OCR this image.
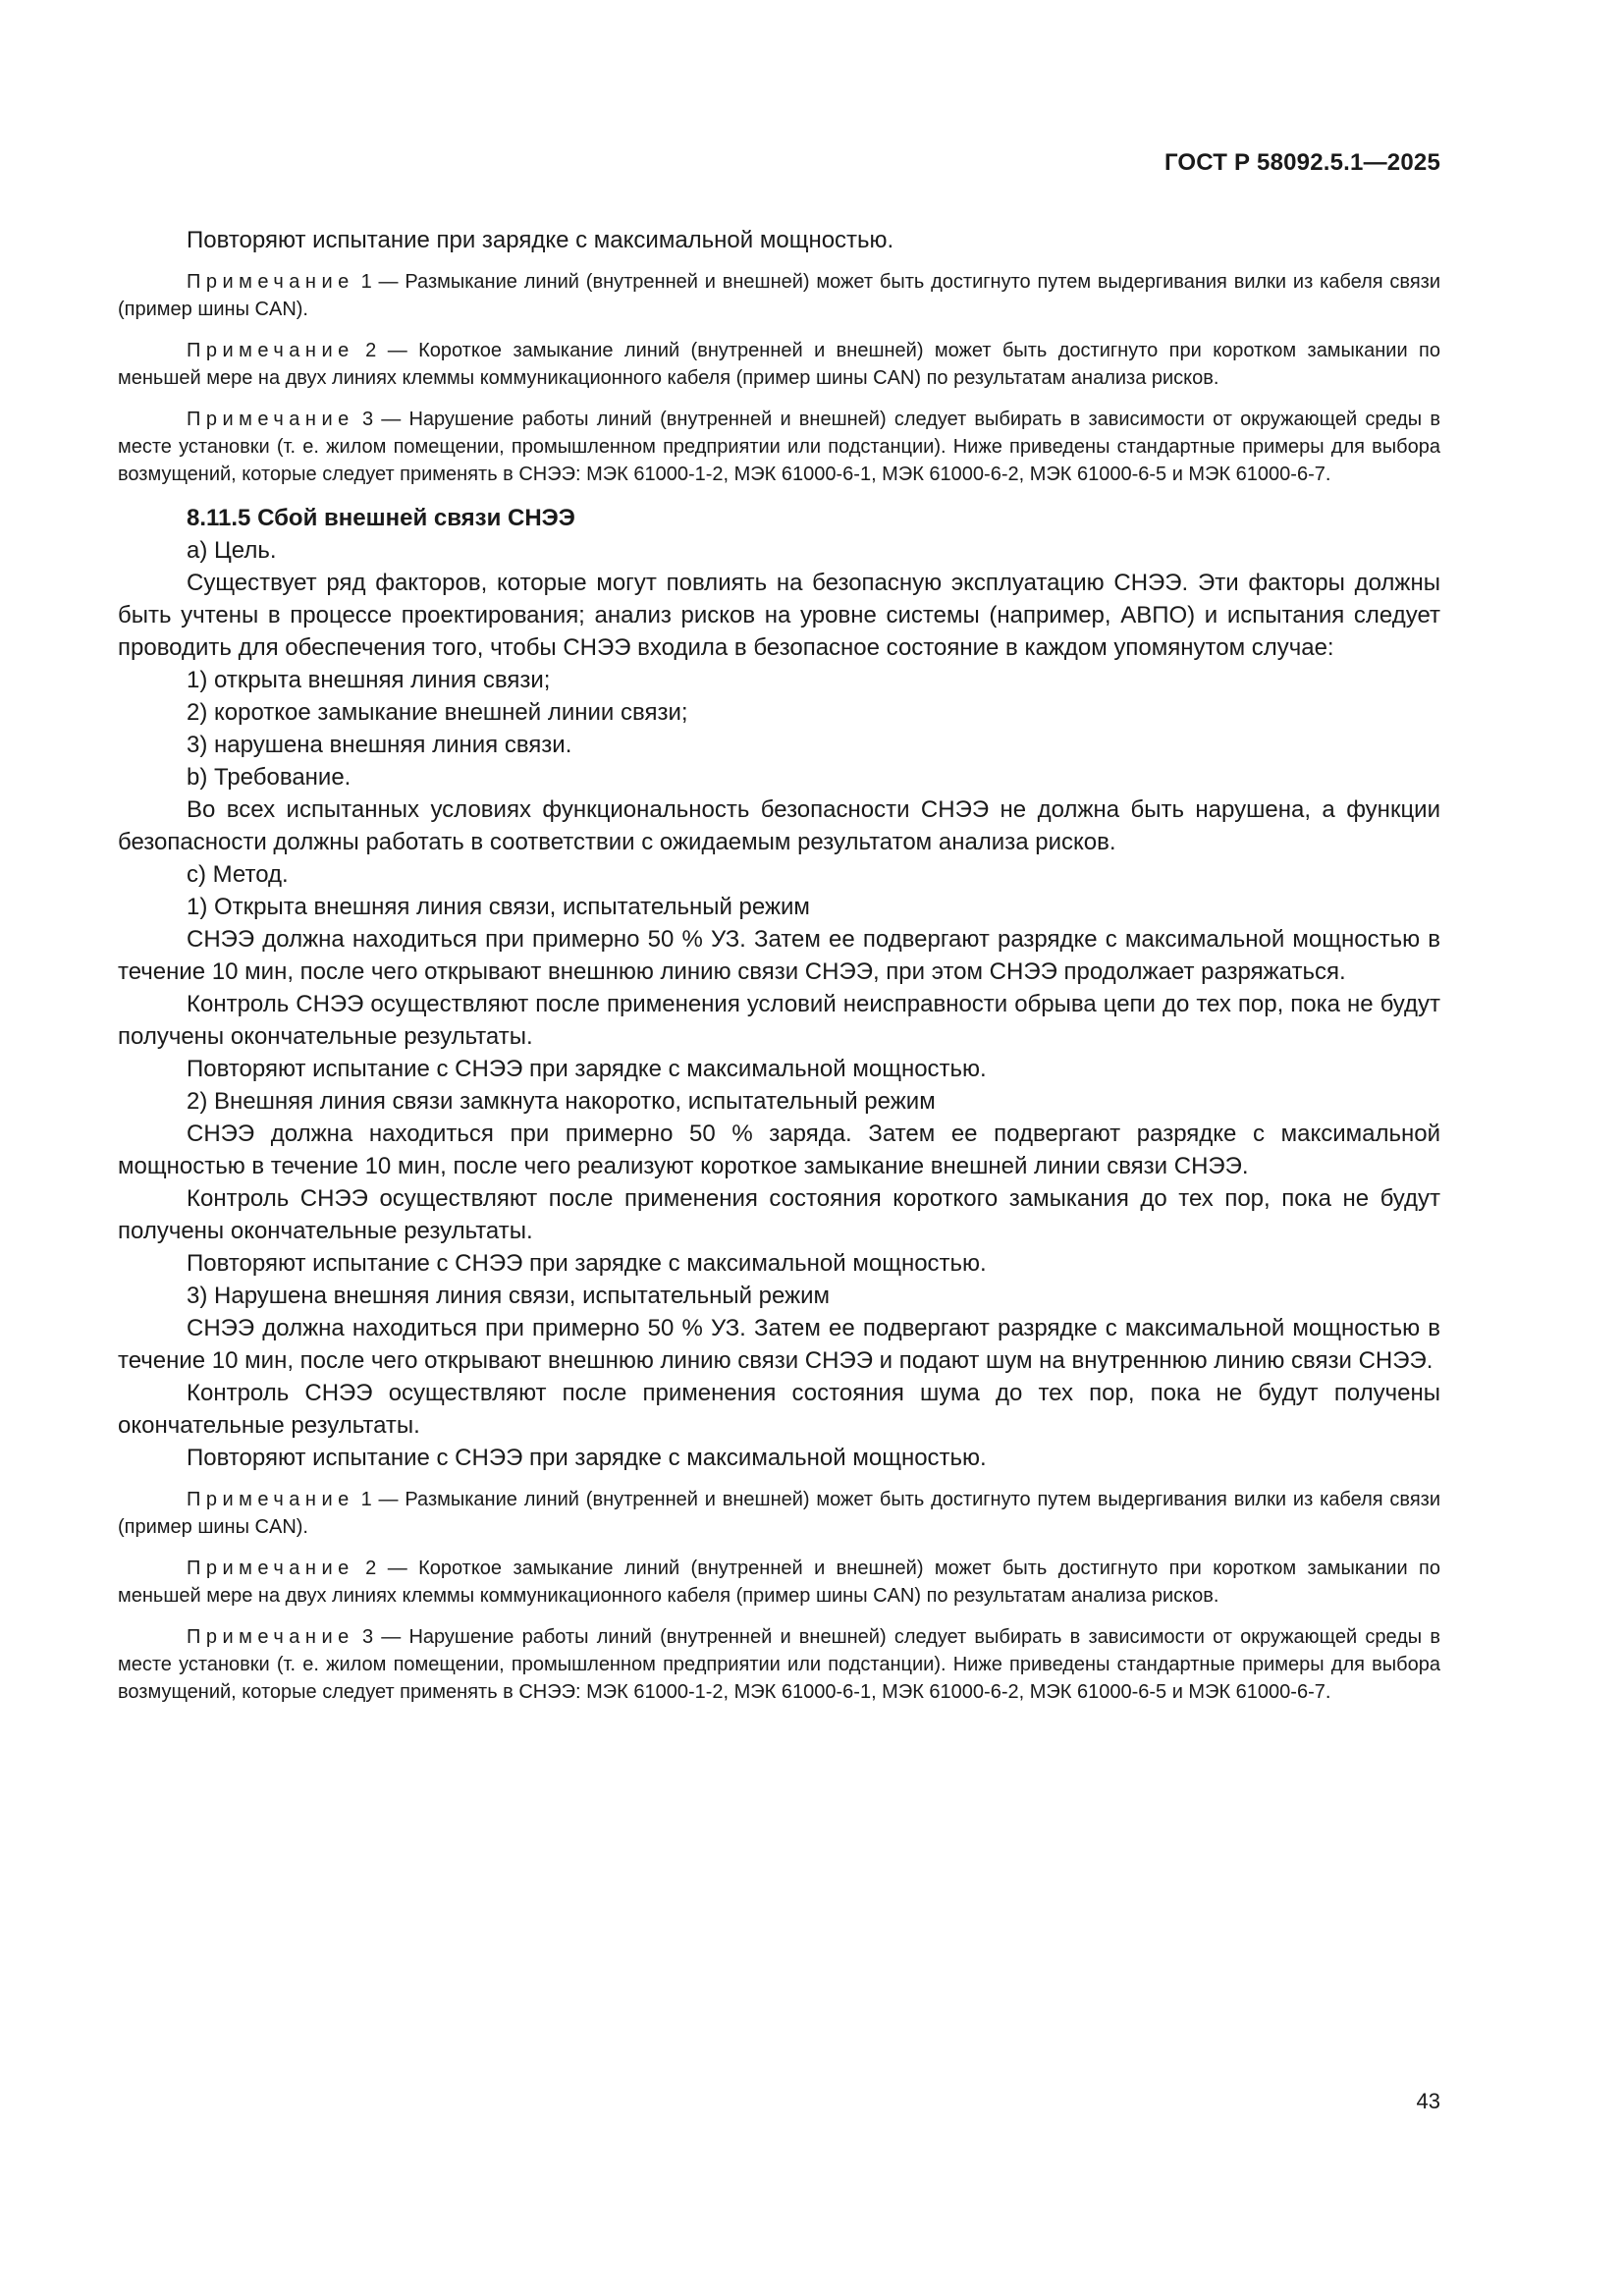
ГОСТ Р 58092.5.1—2025

Повторяют испытание при зарядке с максимальной мощностью.

Примечание 1 — Размыкание линий (внутренней и внешней) может быть достигнуто путем выдергивания вилки из кабеля связи (пример шины CAN).

Примечание 2 — Короткое замыкание линий (внутренней и внешней) может быть достигнуто при коротком замыкании по меньшей мере на двух линиях клеммы коммуникационного кабеля (пример шины CAN) по результатам анализа рисков.

Примечание 3 — Нарушение работы линий (внутренней и внешней) следует выбирать в зависимости от окружающей среды в месте установки (т. е. жилом помещении, промышленном предприятии или подстанции). Ниже приведены стандартные примеры для выбора возмущений, которые следует применять в СНЭЭ: МЭК 61000-1-2, МЭК 61000-6-1, МЭК 61000-6-2, МЭК 61000-6-5 и МЭК 61000-6-7.

8.11.5 Сбой внешней связи СНЭЭ

а) Цель.

Существует ряд факторов, которые могут повлиять на безопасную эксплуатацию СНЭЭ. Эти факторы должны быть учтены в процессе проектирования; анализ рисков на уровне системы (например, АВПО) и испытания следует проводить для обеспечения того, чтобы СНЭЭ входила в безопасное состояние в каждом упомянутом случае:

1) открыта внешняя линия связи;

2) короткое замыкание внешней линии связи;

3) нарушена внешняя линия связи.

b) Требование.

Во всех испытанных условиях функциональность безопасности СНЭЭ не должна быть нарушена, а функции безопасности должны работать в соответствии с ожидаемым результатом анализа рисков.

c) Метод.

1) Открыта внешняя линия связи, испытательный режим

СНЭЭ должна находиться при примерно 50 % УЗ. Затем ее подвергают разрядке с максимальной мощностью в течение 10 мин, после чего открывают внешнюю линию связи СНЭЭ, при этом СНЭЭ продолжает разряжаться.

Контроль СНЭЭ осуществляют после применения условий неисправности обрыва цепи до тех пор, пока не будут получены окончательные результаты.

Повторяют испытание с СНЭЭ при зарядке с максимальной мощностью.

2) Внешняя линия связи замкнута накоротко, испытательный режим

СНЭЭ должна находиться при примерно 50 % заряда. Затем ее подвергают разрядке с максимальной мощностью в течение 10 мин, после чего реализуют короткое замыкание внешней линии связи СНЭЭ.

Контроль СНЭЭ осуществляют после применения состояния короткого замыкания до тех пор, пока не будут получены окончательные результаты.

Повторяют испытание с СНЭЭ при зарядке с максимальной мощностью.

3) Нарушена внешняя линия связи, испытательный режим

СНЭЭ должна находиться при примерно 50 % УЗ. Затем ее подвергают разрядке с максимальной мощностью в течение 10 мин, после чего открывают внешнюю линию связи СНЭЭ и подают шум на внутреннюю линию связи СНЭЭ.

Контроль СНЭЭ осуществляют после применения состояния шума до тех пор, пока не будут получены окончательные результаты.

Повторяют испытание с СНЭЭ при зарядке с максимальной мощностью.

Примечание 1 — Размыкание линий (внутренней и внешней) может быть достигнуто путем выдергивания вилки из кабеля связи (пример шины CAN).

Примечание 2 — Короткое замыкание линий (внутренней и внешней) может быть достигнуто при коротком замыкании по меньшей мере на двух линиях клеммы коммуникационного кабеля (пример шины CAN) по результатам анализа рисков.

Примечание 3 — Нарушение работы линий (внутренней и внешней) следует выбирать в зависимости от окружающей среды в месте установки (т. е. жилом помещении, промышленном предприятии или подстанции). Ниже приведены стандартные примеры для выбора возмущений, которые следует применять в СНЭЭ: МЭК 61000-1-2, МЭК 61000-6-1, МЭК 61000-6-2, МЭК 61000-6-5 и МЭК 61000-6-7.

43
